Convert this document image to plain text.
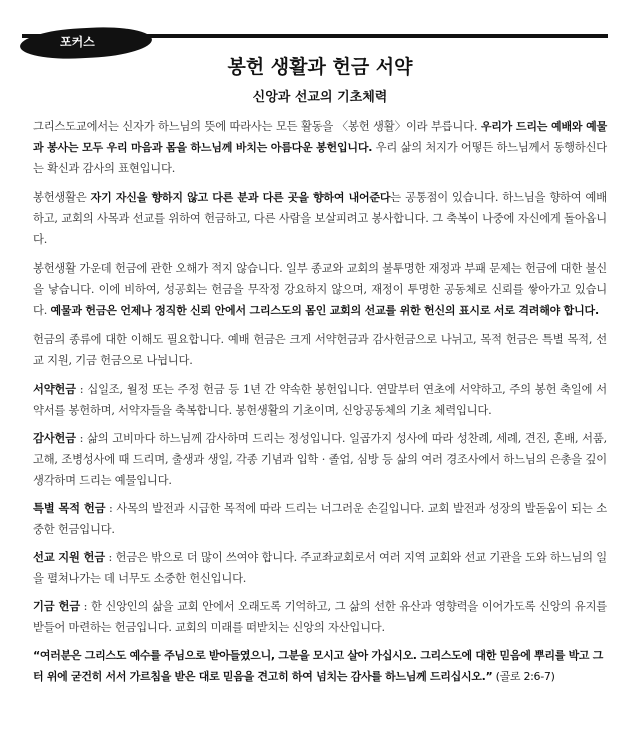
포커스
봉헌 생활과 헌금 서약
신앙과 선교의 기초체력

그리스도교에서는 신자가 하느님의 뜻에 따라사는 모든 활동을 〈봉헌 생활〉이라 부릅니다. 우리가 드리는 예배와 예물과 봉사는 모두 우리 마음과 몸을 하느님께 바치는 아름다운 봉헌입니다. 우리 삶의 처지가 어떻든 하느님께서 동행하신다는 확신과 감사의 표현입니다.

봉헌생활은 자기 자신을 향하지 않고 다른 분과 다른 곳을 향하여 내어준다는 공통점이 있습니다. 하느님을 향하여 예배하고, 교회의 사목과 선교를 위하여 헌금하고, 다른 사람을 보살피려고 봉사합니다. 그 축복이 나중에 자신에게 돌아옵니다.

봉헌생활 가운데 헌금에 관한 오해가 적지 않습니다. 일부 종교와 교회의 불투명한 재정과 부패 문제는 헌금에 대한 불신을 낳습니다. 이에 비하여, 성공회는 헌금을 무작정 강요하지 않으며, 재정이 투명한 공동체로 신뢰를 쌓아가고 있습니다. 예물과 헌금은 언제나 정직한 신뢰 안에서 그리스도의 몸인 교회의 선교를 위한 헌신의 표시로 서로 격려해야 합니다.

헌금의 종류에 대한 이해도 필요합니다. 예배 헌금은 크게 서약헌금과 감사헌금으로 나뉘고, 목적 헌금은 특별 목적, 선교 지원, 기금 헌금으로 나뉩니다.

서약헌금 : 십일조, 월정 또는 주정 헌금 등 1년 간 약속한 봉헌입니다. 연말부터 연초에 서약하고, 주의 봉헌 축일에 서약서를 봉헌하며, 서약자들을 축복합니다. 봉헌생활의 기초이며, 신앙공동체의 기초 체력입니다.

감사헌금 : 삶의 고비마다 하느님께 감사하며 드리는 정성입니다. 일곱가지 성사에 따라 성찬례, 세례, 견진, 혼배, 서품, 고해, 조병성사에 때 드리며, 출생과 생일, 각종 기념과 입학 · 졸업, 심방 등 삶의 여러 경조사에서 하느님의 은총을 깊이 생각하며 드리는 예물입니다.

특별 목적 헌금 : 사목의 발전과 시급한 목적에 따라 드리는 너그러운 손길입니다. 교회 발전과 성장의 발돋움이 되는 소중한 헌금입니다.

선교 지원 헌금 : 헌금은 밖으로 더 많이 쓰여야 합니다. 주교좌교회로서 여러 지역 교회와 선교 기관을 도와 하느님의 일을 펼쳐나가는 데 너무도 소중한 헌신입니다.

기금 헌금 : 한 신앙인의 삶을 교회 안에서 오래도록 기억하고, 그 삶의 선한 유산과 영향력을 이어가도록 신앙의 유지를 받들어 마련하는 헌금입니다. 교회의 미래를 떠받치는 신앙의 자산입니다.

“여러분은 그리스도 예수를 주님으로 받아들였으니, 그분을 모시고 살아 가십시오. 그리스도에 대한 믿음에 뿌리를 박고 그 터 위에 굳건히 서서 가르침을 받은 대로 믿음을 견고히 하여 넘치는 감사를 하느님께 드리십시오.” (골로 2:6-7)
